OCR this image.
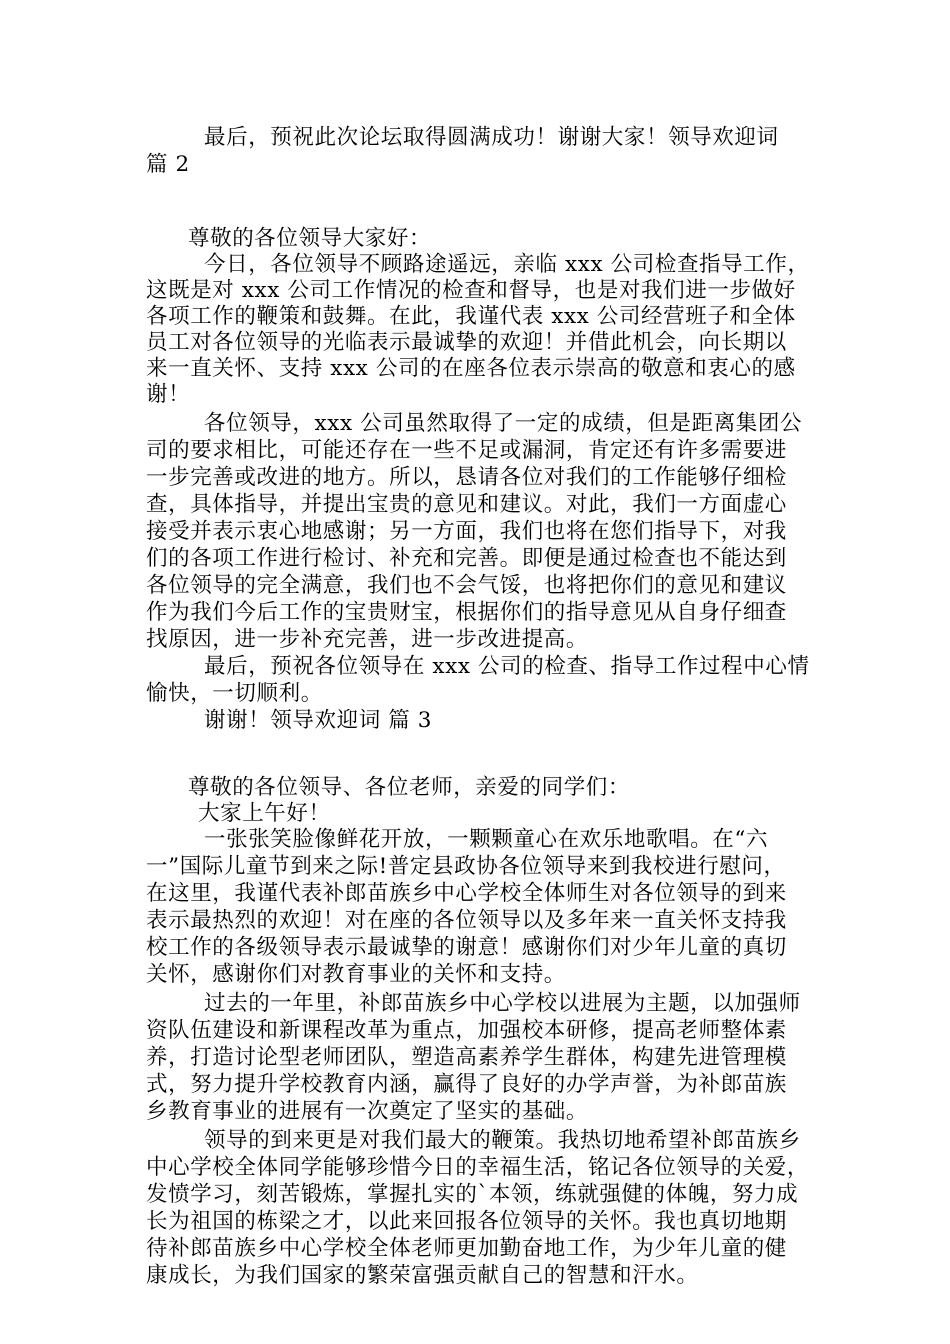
最后，预祝此次论坛取得圆满成功！谢谢大家！领导欢迎词
篇 2
尊敬的各位领导大家好：
今日，各位领导不顾路途遥远，亲临 xxx 公司检查指导工作，
这既是对 xxx 公司工作情况的检查和督导，也是对我们进一步做好
各项工作的鞭策和鼓舞。在此，我谨代表 xxx 公司经营班子和全体
员工对各位领导的光临表示最诚挚的欢迎！并借此机会，向长期以
来一直关怀、支持 xxx 公司的在座各位表示崇高的敬意和衷心的感
谢！
各位领导，xxx 公司虽然取得了一定的成绩，但是距离集团公
司的要求相比，可能还存在一些不足或漏洞，肯定还有许多需要进
一步完善或改进的地方。所以，恳请各位对我们的工作能够仔细检
查，具体指导，并提出宝贵的意见和建议。对此，我们一方面虚心
接受并表示衷心地感谢；另一方面，我们也将在您们指导下，对我
们的各项工作进行检讨、补充和完善。即便是通过检查也不能达到
各位领导的完全满意，我们也不会气馁，也将把你们的意见和建议
作为我们今后工作的宝贵财宝，根据你们的指导意见从自身仔细查
找原因，进一步补充完善，进一步改进提高。
最后，预祝各位领导在 xxx 公司的检查、指导工作过程中心情
愉快，一切顺利。
谢谢！领导欢迎词 篇 3
尊敬的各位领导、各位老师，亲爱的同学们：
大家上午好！
一张张笑脸像鲜花开放，一颗颗童心在欢乐地歌唱。在“六
一”国际儿童节到来之际!普定县政协各位领导来到我校进行慰问，
在这里，我谨代表补郎苗族乡中心学校全体师生对各位领导的到来
表示最热烈的欢迎！对在座的各位领导以及多年来一直关怀支持我
校工作的各级领导表示最诚挚的谢意！感谢你们对少年儿童的真切
关怀，感谢你们对教育事业的关怀和支持。
过去的一年里，补郎苗族乡中心学校以进展为主题，以加强师
资队伍建设和新课程改革为重点，加强校本研修，提高老师整体素
养，打造讨论型老师团队，塑造高素养学生群体，构建先进管理模
式，努力提升学校教育内涵，赢得了良好的办学声誉，为补郎苗族
乡教育事业的进展有一次奠定了坚实的基础。
领导的到来更是对我们最大的鞭策。我热切地希望补郎苗族乡
中心学校全体同学能够珍惜今日的幸福生活，铭记各位领导的关爱，
发愤学习，刻苦锻炼，掌握扎实的`本领，练就强健的体魄，努力成
长为祖国的栋梁之才，以此来回报各位领导的关怀。我也真切地期
待补郎苗族乡中心学校全体老师更加勤奋地工作，为少年儿童的健
康成长，为我们国家的繁荣富强贡献自己的智慧和汗水。
